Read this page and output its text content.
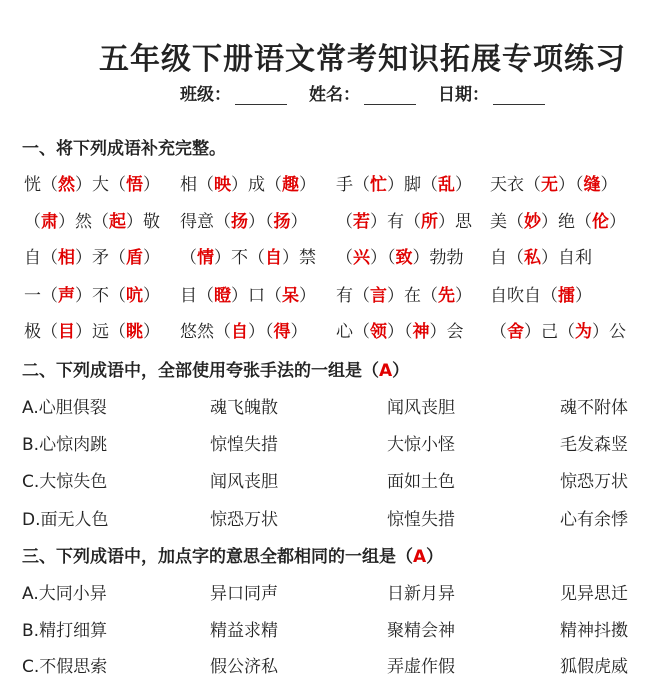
五年级下册语文常考知识拓展专项练习
班级：	姓名：	日期：
一、将下列成语补充完整。
恍（然）大（悟） 相（映）成（趣） 手（忙）脚（乱） 天衣（无）（缝）
（肃）然（起）敬 得意（扬）（扬） （若）有（所）思 美（妙）绝（伦）
自（相）矛（盾） （情）不（自）禁 （兴）（致）勃勃 自（私）自利
一（声）不（吭） 目（瞪）口（呆） 有（言）在（先） 自吹自（擂）
极（目）远（眺） 悠然（自）（得） 心（领）（神）会 （舍）己（为）公
二、下列成语中，全部使用夸张手法的一组是（A）
A.心胆俱裂	魂飞魄散	闻风丧胆	魂不附体
B.心惊肉跳	惊惶失措	大惊小怪	毛发森竖
C.大惊失色	闻风丧胆	面如土色	惊恐万状
D.面无人色	惊恐万状	惊惶失措	心有余悸
三、下列成语中，加点字的意思全都相同的一组是（A）
A.大同小异	异口同声	日新月异	见异思迁
B.精打细算	精益求精	聚精会神	精神抖擞
C.不假思索	假公济私	弄虚作假	狐假虎威
